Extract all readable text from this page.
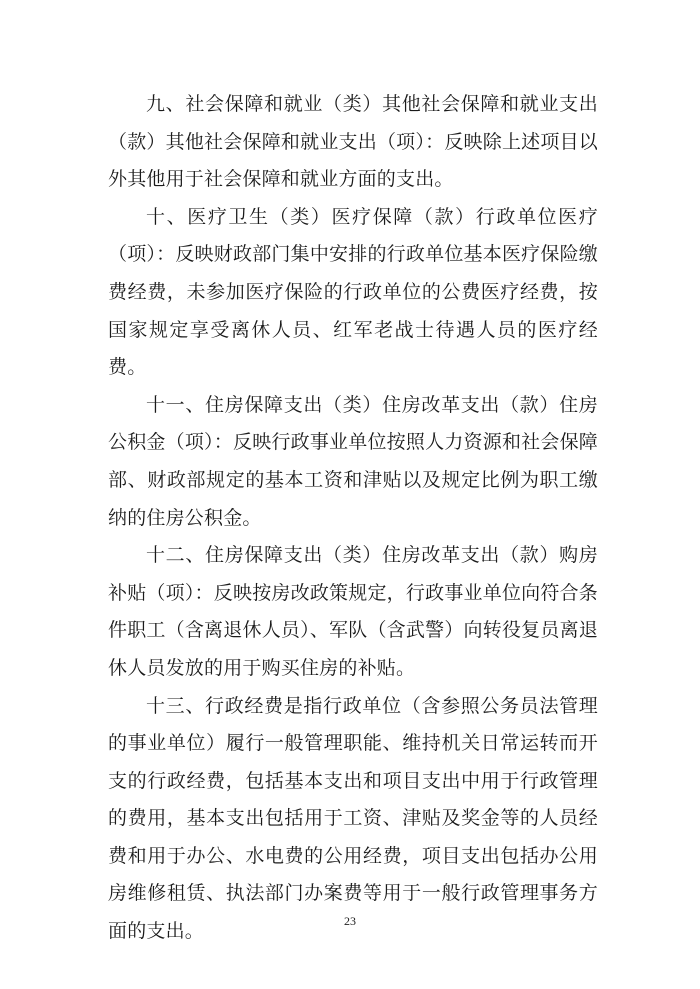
九、社会保障和就业（类）其他社会保障和就业支出（款）其他社会保障和就业支出（项）：反映除上述项目以外其他用于社会保障和就业方面的支出。

十、医疗卫生（类）医疗保障（款）行政单位医疗（项）：反映财政部门集中安排的行政单位基本医疗保险缴费经费，未参加医疗保险的行政单位的公费医疗经费，按国家规定享受离休人员、红军老战士待遇人员的医疗经费。

十一、住房保障支出（类）住房改革支出（款）住房公积金（项）：反映行政事业单位按照人力资源和社会保障部、财政部规定的基本工资和津贴以及规定比例为职工缴纳的住房公积金。

十二、住房保障支出（类）住房改革支出（款）购房补贴（项）：反映按房改政策规定，行政事业单位向符合条件职工（含离退休人员）、军队（含武警）向转役复员离退休人员发放的用于购买住房的补贴。

十三、行政经费是指行政单位（含参照公务员法管理的事业单位）履行一般管理职能、维持机关日常运转而开支的行政经费，包括基本支出和项目支出中用于行政管理的费用，基本支出包括用于工资、津贴及奖金等的人员经费和用于办公、水电费的公用经费，项目支出包括办公用房维修租赁、执法部门办案费等用于一般行政管理事务方面的支出。	23
